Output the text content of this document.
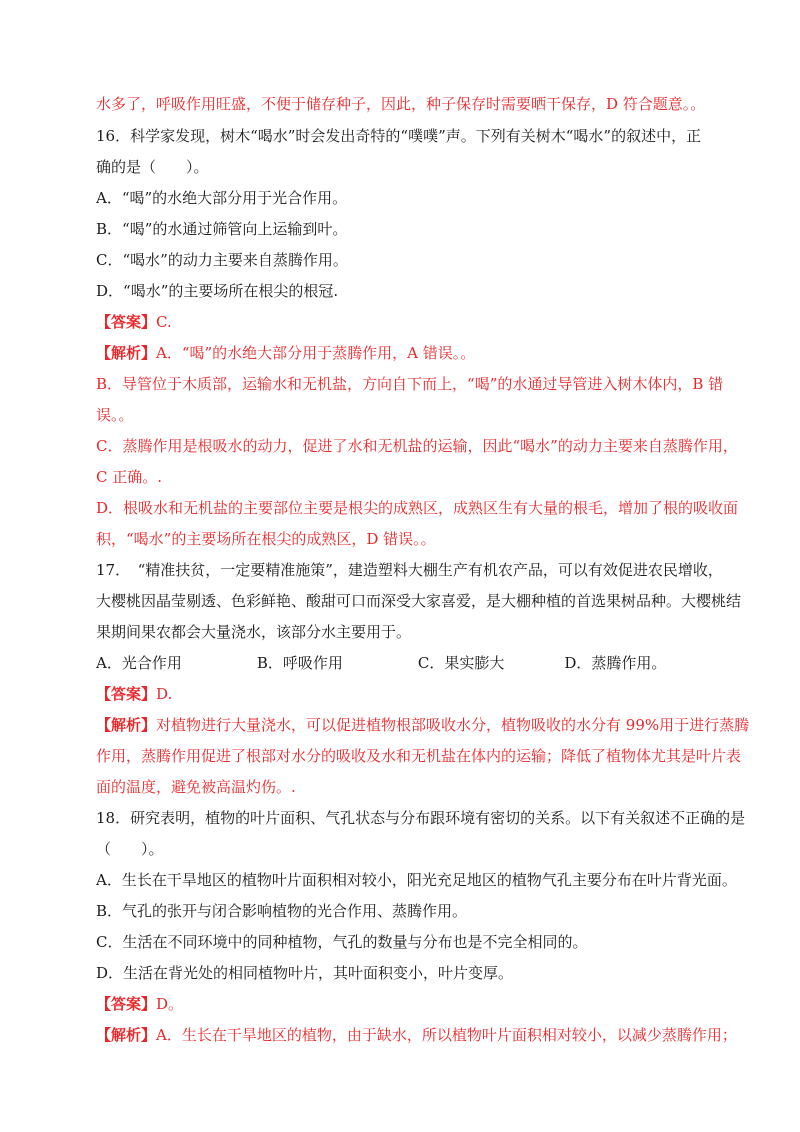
水多了，呼吸作用旺盛，不便于储存种子，因此，种子保存时需要晒干保存，D 符合题意。。
16．科学家发现，树木“喝水”时会发出奇特的“噗噗”声。下列有关树木“喝水”的叙述中，正
确的是（　　）。
A．“喝”的水绝大部分用于光合作用。
B．“喝”的水通过筛管向上运输到叶。
C．“喝水”的动力主要来自蒸腾作用。
D．“喝水”的主要场所在根尖的根冠.
【答案】C.
【解析】A．“喝”的水绝大部分用于蒸腾作用，A 错误。。
B．导管位于木质部，运输水和无机盐，方向自下而上，“喝”的水通过导管进入树木体内，B 错
误。。
C．蒸腾作用是根吸水的动力，促进了水和无机盐的运输，因此“喝水”的动力主要来自蒸腾作用，
C 正确。.
D．根吸水和无机盐的主要部位主要是根尖的成熟区，成熟区生有大量的根毛，增加了根的吸收面
积，“喝水”的主要场所在根尖的成熟区，D 错误。。
17．　“精准扶贫，一定要精准施策”，建造塑料大棚生产有机农产品，可以有效促进农民增收，
大樱桃因晶莹剔透、色彩鲜艳、酸甜可口而深受大家喜爱，是大棚种植的首选果树品种。大樱桃结
果期间果农都会大量浇水，该部分水主要用于。
A．光合作用　　　　　B．呼吸作用　　　　　C．果实膨大　　　　D．蒸腾作用。
【答案】D.
【解析】对植物进行大量浇水，可以促进植物根部吸收水分，植物吸收的水分有 99%用于进行蒸腾
作用，蒸腾作用促进了根部对水分的吸收及水和无机盐在体内的运输；降低了植物体尤其是叶片表
面的温度，避免被高温灼伤。.
18．研究表明，植物的叶片面积、气孔状态与分布跟环境有密切的关系。以下有关叙述不正确的是
（　　）。
A．生长在干旱地区的植物叶片面积相对较小，阳光充足地区的植物气孔主要分布在叶片背光面。
B．气孔的张开与闭合影响植物的光合作用、蒸腾作用。
C．生活在不同环境中的同种植物，气孔的数量与分布也是不完全相同的。
D．生活在背光处的相同植物叶片，其叶面积变小，叶片变厚。
【答案】D。
【解析】A．生长在干旱地区的植物，由于缺水，所以植物叶片面积相对较小，以减少蒸腾作用；
